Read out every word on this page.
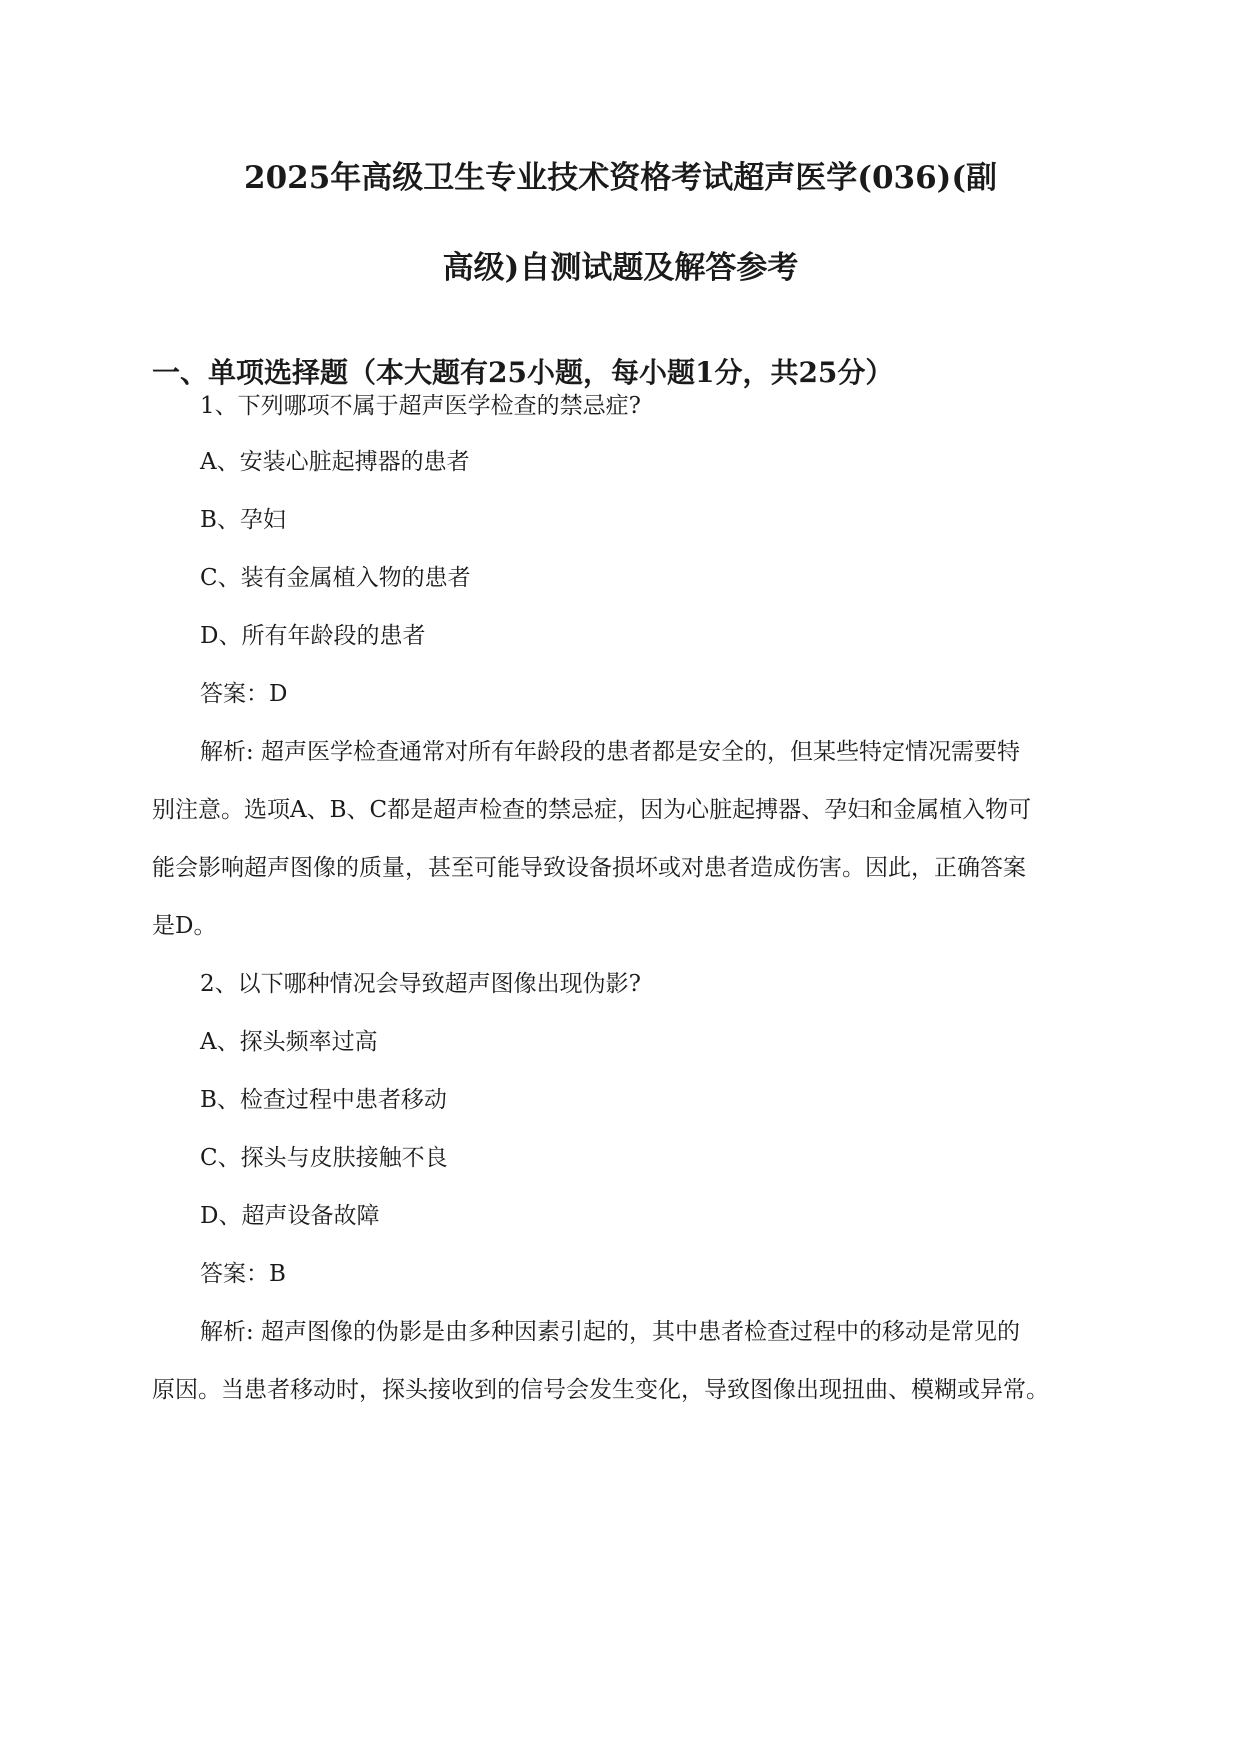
2025年高级卫生专业技术资格考试超声医学(036)(副
高级)自测试题及解答参考
一、单项选择题（本大题有25小题，每小题1分，共25分）
1、下列哪项不属于超声医学检查的禁忌症?
A、安装心脏起搏器的患者
B、孕妇
C、装有金属植入物的患者
D、所有年龄段的患者
答案：D
解析: 超声医学检查通常对所有年龄段的患者都是安全的，但某些特定情况需要特
别注意。选项A、B、C都是超声检查的禁忌症，因为心脏起搏器、孕妇和金属植入物可
能会影响超声图像的质量，甚至可能导致设备损坏或对患者造成伤害。因此，正确答案
是D。
2、以下哪种情况会导致超声图像出现伪影?
A、探头频率过高
B、检查过程中患者移动
C、探头与皮肤接触不良
D、超声设备故障
答案：B
解析: 超声图像的伪影是由多种因素引起的，其中患者检查过程中的移动是常见的
原因。当患者移动时，探头接收到的信号会发生变化，导致图像出现扭曲、模糊或异常。
